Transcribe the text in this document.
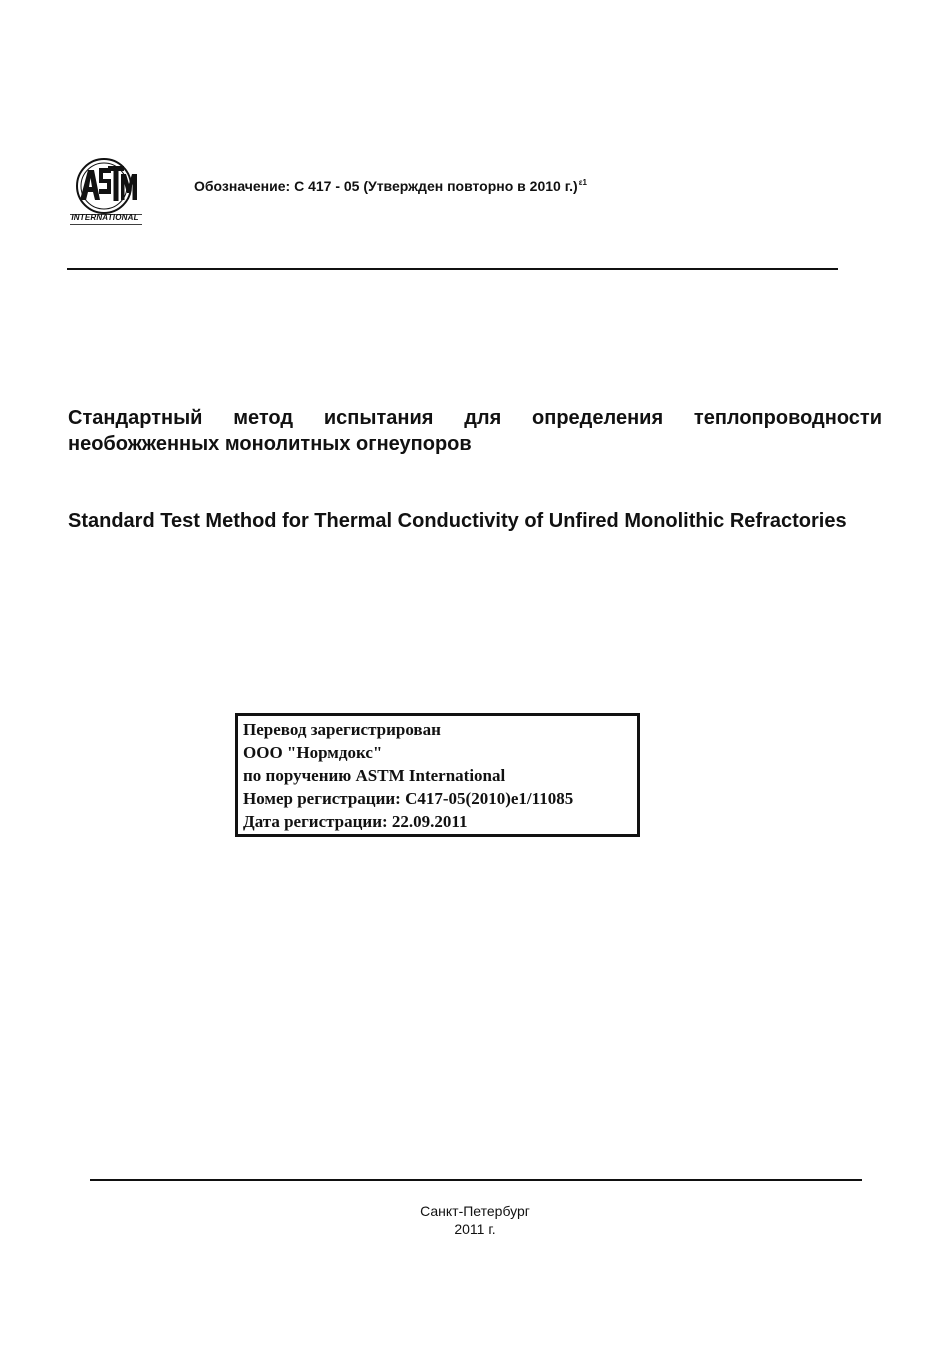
INTERNATIONAL
Обозначение: C 417 - 05 (Утвержден повторно в 2010 г.)$^{\varepsilon 1}$

Стандартный метод испытания для определения теплопроводности необожженных монолитных огнеупоров

Standard Test Method for Thermal Conductivity of Unfired Monolithic Refractories

Перевод зарегистрирован
ООО "Нормдокс"
по поручению ASTM International
Номер регистрации: C417-05(2010)e1/11085
Дата регистрации: 22.09.2011
Санкт-Петербург
2011 г.
